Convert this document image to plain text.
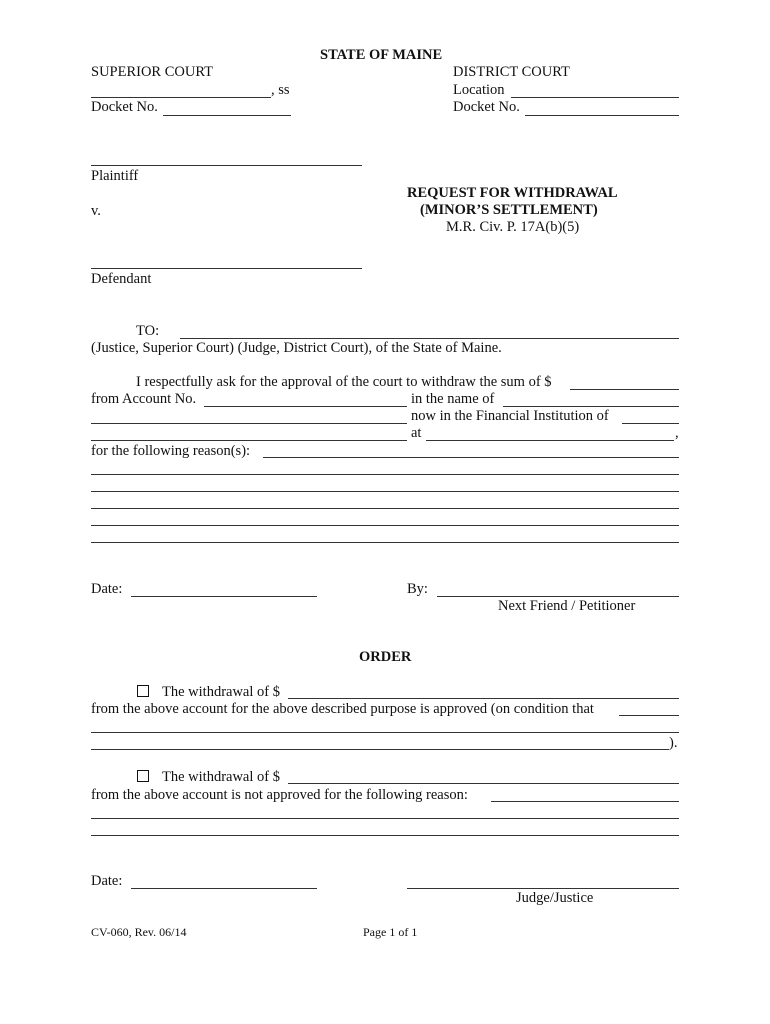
STATE OF MAINE
SUPERIOR COURT
, ss
Docket No.
DISTRICT COURT
Location
Docket No.
Plaintiff
v.
Defendant
REQUEST FOR WITHDRAWAL
(MINOR’S SETTLEMENT)
M.R. Civ. P. 17A(b)(5)
TO:
(Justice, Superior Court) (Judge, District Court), of the State of Maine.
I respectfully ask for the approval of the court to withdraw the sum of $
from Account No.	in the name of
now in the Financial Institution of
at	,
for the following reason(s):
Date:	By:
Next Friend / Petitioner
ORDER
The withdrawal of $
from the above account for the above described purpose is approved (on condition that
).
The withdrawal of $
from the above account is not approved for the following reason:
Date:
Judge/Justice
CV-060, Rev. 06/14	Page 1 of 1
